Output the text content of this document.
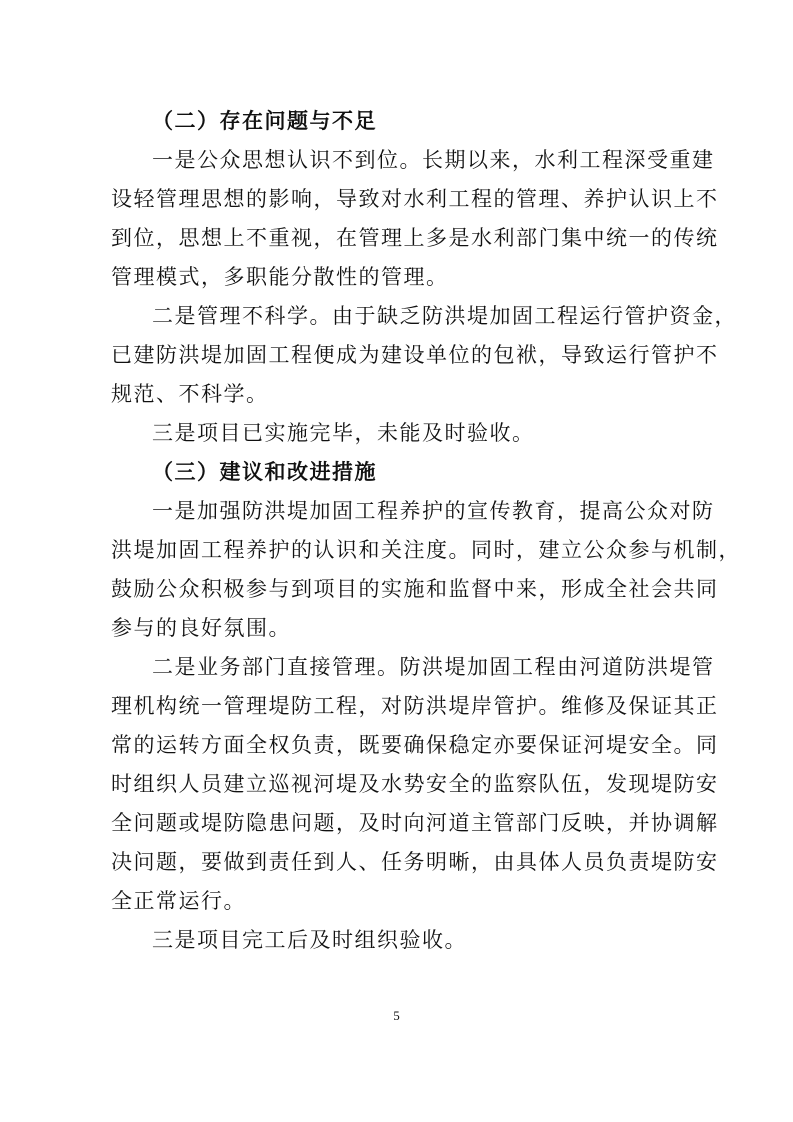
（二）存在问题与不足
一是公众思想认识不到位。长期以来，水利工程深受重建
设轻管理思想的影响，导致对水利工程的管理、养护认识上不
到位，思想上不重视，在管理上多是水利部门集中统一的传统
管理模式，多职能分散性的管理。
二是管理不科学。由于缺乏防洪堤加固工程运行管护资金，
已建防洪堤加固工程便成为建设单位的包袱，导致运行管护不
规范、不科学。
三是项目已实施完毕，未能及时验收。
（三）建议和改进措施
一是加强防洪堤加固工程养护的宣传教育，提高公众对防
洪堤加固工程养护的认识和关注度。同时，建立公众参与机制，
鼓励公众积极参与到项目的实施和监督中来，形成全社会共同
参与的良好氛围。
二是业务部门直接管理。防洪堤加固工程由河道防洪堤管
理机构统一管理堤防工程，对防洪堤岸管护。维修及保证其正
常的运转方面全权负责，既要确保稳定亦要保证河堤安全。同
时组织人员建立巡视河堤及水势安全的监察队伍，发现堤防安
全问题或堤防隐患问题，及时向河道主管部门反映，并协调解
决问题，要做到责任到人、任务明晰，由具体人员负责堤防安
全正常运行。
三是项目完工后及时组织验收。
5
